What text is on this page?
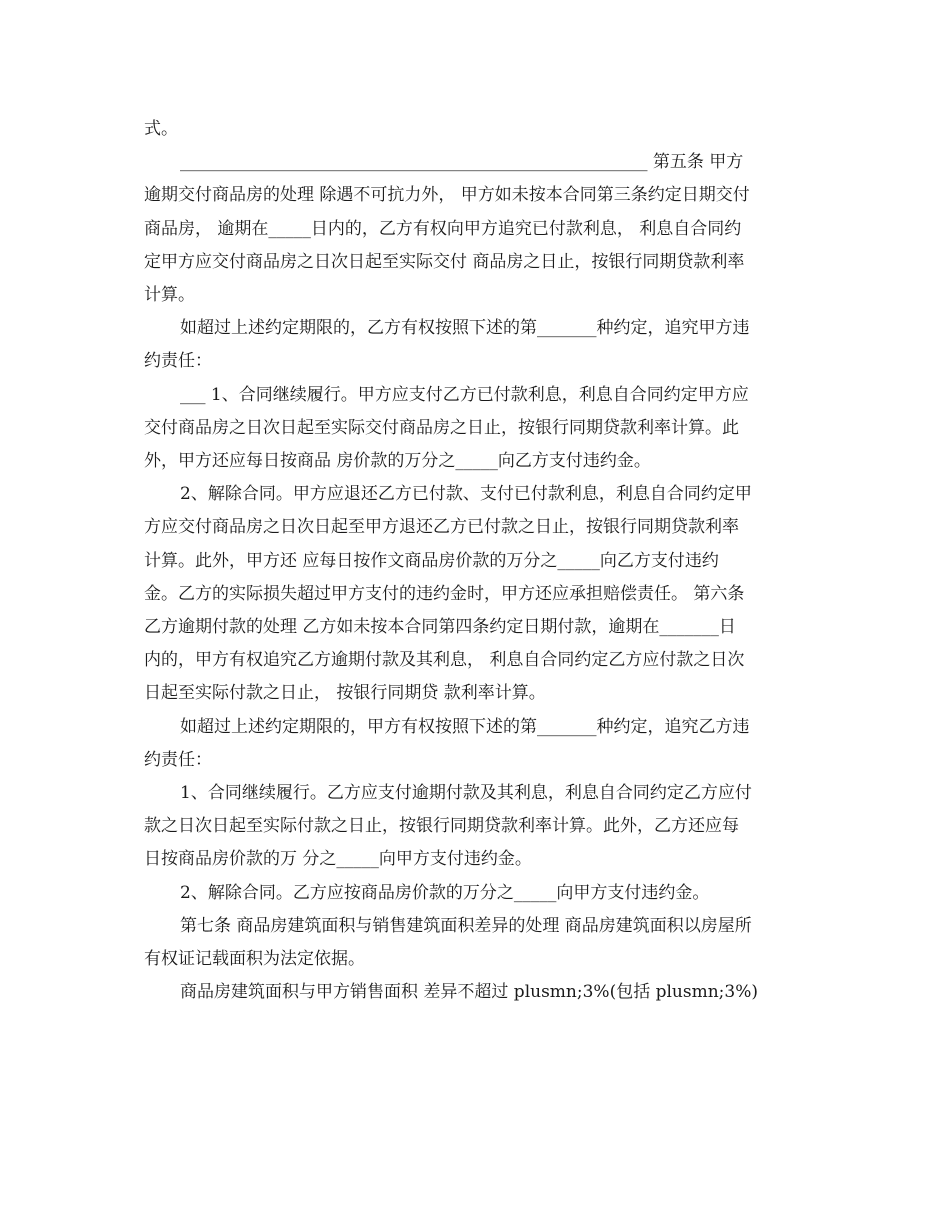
式。

_______________________________________________________ 第五条 甲方

逾期交付商品房的处理 除遇不可抗力外， 甲方如未按本合同第三条约定日期交付
商品房， 逾期在_____日内的，乙方有权向甲方追究已付款利息， 利息自合同约
定甲方应交付商品房之日次日起至实际交付 商品房之日止，按银行同期贷款利率
计算。

如超过上述约定期限的，乙方有权按照下述的第_______种约定，追究甲方违
约责任：

___ 1、合同继续履行。甲方应支付乙方已付款利息，利息自合同约定甲方应
交付商品房之日次日起至实际交付商品房之日止，按银行同期贷款利率计算。此
外，甲方还应每日按商品 房价款的万分之_____向乙方支付违约金。

2、解除合同。甲方应退还乙方已付款、支付已付款利息，利息自合同约定甲
方应交付商品房之日次日起至甲方退还乙方已付款之日止，按银行同期贷款利率
计算。此外，甲方还 应每日按作文商品房价款的万分之_____向乙方支付违约
金。乙方的实际损失超过甲方支付的违约金时，甲方还应承担赔偿责任。 第六条
乙方逾期付款的处理 乙方如未按本合同第四条约定日期付款，逾期在_______日
内的，甲方有权追究乙方逾期付款及其利息， 利息自合同约定乙方应付款之日次
日起至实际付款之日止， 按银行同期贷 款利率计算。

如超过上述约定期限的，甲方有权按照下述的第_______种约定，追究乙方违
约责任：

1、合同继续履行。乙方应支付逾期付款及其利息，利息自合同约定乙方应付
款之日次日起至实际付款之日止，按银行同期贷款利率计算。此外，乙方还应每
日按商品房价款的万 分之_____向甲方支付违约金。

2、解除合同。乙方应按商品房价款的万分之_____向甲方支付违约金。

第七条 商品房建筑面积与销售建筑面积差异的处理 商品房建筑面积以房屋所
有权证记载面积为法定依据。

商品房建筑面积与甲方销售面积 差异不超过 plusmn;3%(包括 plusmn;3%)
